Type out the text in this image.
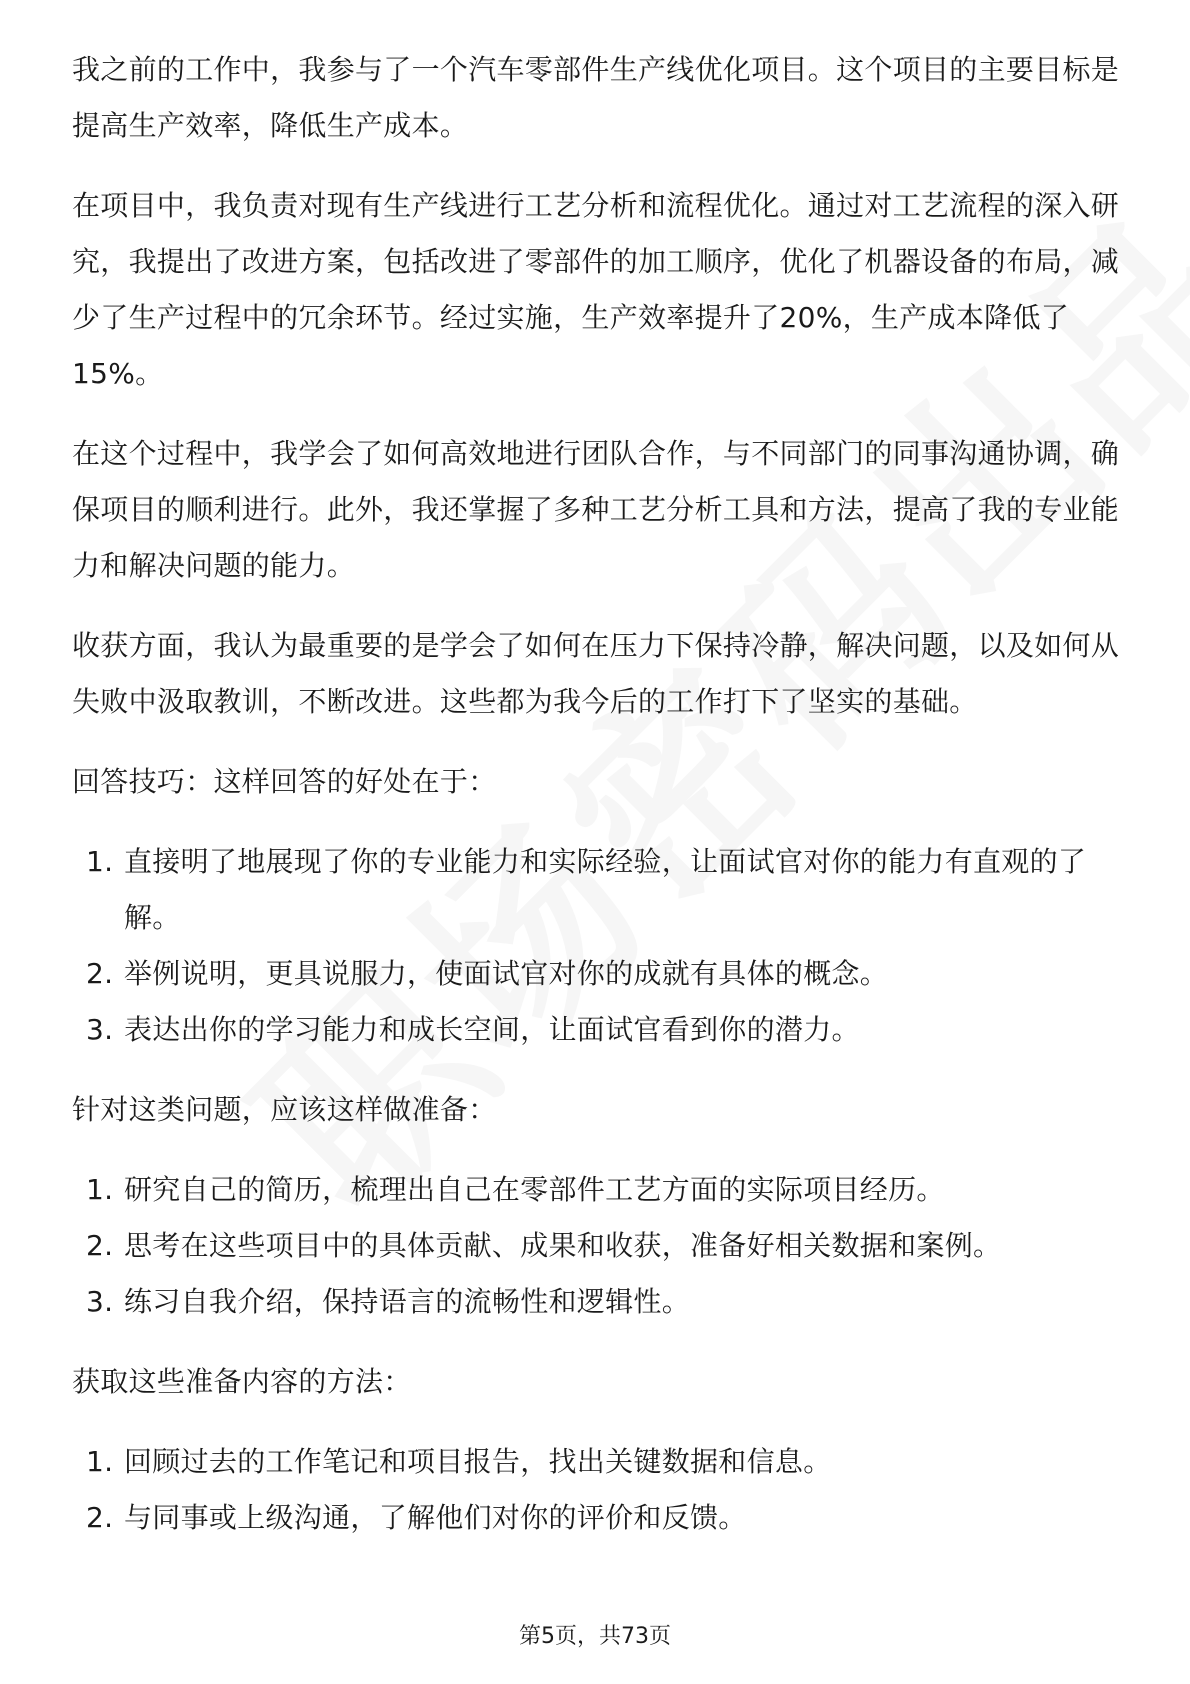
我之前的工作中，我参与了一个汽车零部件生产线优化项目。这个项目的主要目标是提高生产效率，降低生产成本。

在项目中，我负责对现有生产线进行工艺分析和流程优化。通过对工艺流程的深入研究，我提出了改进方案，包括改进了零部件的加工顺序，优化了机器设备的布局，减少了生产过程中的冗余环节。经过实施，生产效率提升了20%，生产成本降低了15%。

在这个过程中，我学会了如何高效地进行团队合作，与不同部门的同事沟通协调，确保项目的顺利进行。此外，我还掌握了多种工艺分析工具和方法，提高了我的专业能力和解决问题的能力。

收获方面，我认为最重要的是学会了如何在压力下保持冷静，解决问题，以及如何从失败中汲取教训，不断改进。这些都为我今后的工作打下了坚实的基础。

回答技巧：这样回答的好处在于：

1. 直接明了地展现了你的专业能力和实际经验，让面试官对你的能力有直观的了解。
2. 举例说明，更具说服力，使面试官对你的成就有具体的概念。
3. 表达出你的学习能力和成长空间，让面试官看到你的潜力。

针对这类问题，应该这样做准备：

1. 研究自己的简历，梳理出自己在零部件工艺方面的实际项目经历。
2. 思考在这些项目中的具体贡献、成果和收获，准备好相关数据和案例。
3. 练习自我介绍，保持语言的流畅性和逻辑性。

获取这些准备内容的方法：

1. 回顾过去的工作笔记和项目报告，找出关键数据和信息。
2. 与同事或上级沟通，了解他们对你的评价和反馈。
第5页，共73页
